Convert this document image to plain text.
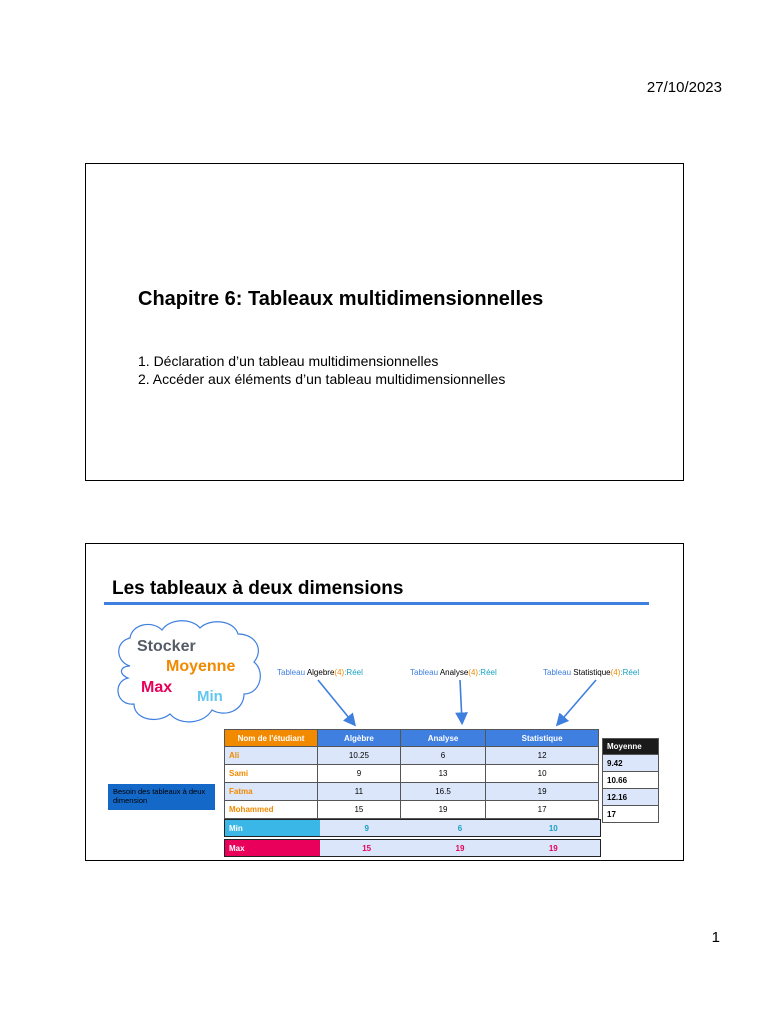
27/10/2023
Chapitre 6: Tableaux multidimensionnelles
1. Déclaration d’un tableau multidimensionnelles
2. Accéder aux éléments d’un tableau multidimensionnelles
Les tableaux à deux dimensions
Stocker
Moyenne
Max
Min
Tableau Algebre(4):Réel	Tableau Analyse(4):Réel	Tableau Statistique(4):Réel
Nom de l'étudiant	Algèbre	Analyse	Statistique
Ali	10.25	6	12
Sami	9	13	10
Fatma	11	16.5	19
Mohammed	15	19	17
Min	9	6	10
Max	15	19	19
Moyenne
9.42
10.66
12.16
17
Besoin des tableaux à deux dimension
1
